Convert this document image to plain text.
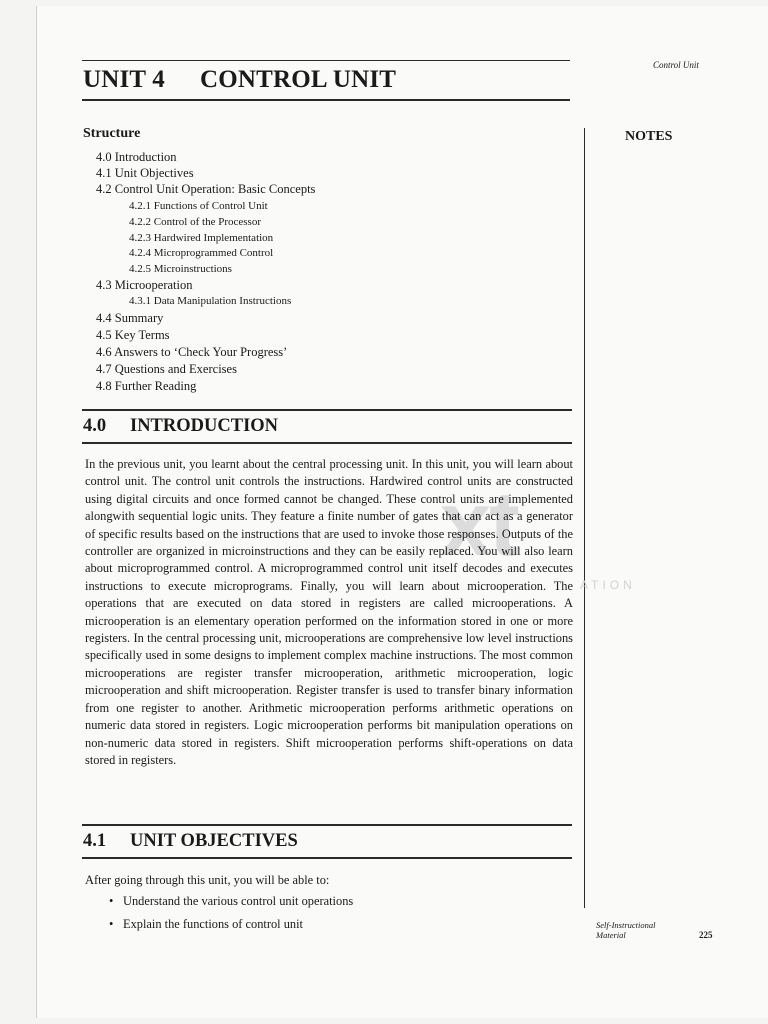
Control Unit
UNIT 4 CONTROL UNIT
Structure	NOTES
4.0 Introduction
4.1 Unit Objectives
4.2 Control Unit Operation: Basic Concepts
4.2.1 Functions of Control Unit
4.2.2 Control of the Processor
4.2.3 Hardwired Implementation
4.2.4 Microprogrammed Control
4.2.5 Microinstructions
4.3 Microoperation
4.3.1 Data Manipulation Instructions
4.4 Summary
4.5 Key Terms
4.6 Answers to ‘Check Your Progress’
4.7 Questions and Exercises
4.8 Further Reading
xt
ATION
4.0 INTRODUCTION
In the previous unit, you learnt about the central processing unit. In this unit, you will learn about control unit. The control unit controls the instructions. Hardwired control units are constructed using digital circuits and once formed cannot be changed. These control units are implemented alongwith sequential logic units. They feature a finite number of gates that can act as a generator of specific results based on the instructions that are used to invoke those responses. Outputs of the controller are organized in microinstructions and they can be easily replaced. You will also learn about microprogrammed control. A microprogrammed control unit itself decodes and executes instructions to execute microprograms. Finally, you will learn about microoperation. The operations that are executed on data stored in registers are called microoperations. A microoperation is an elementary operation performed on the information stored in one or more registers. In the central processing unit, microoperations are comprehensive low level instructions specifically used in some designs to implement complex machine instructions. The most common microoperations are register transfer microoperation, arithmetic microoperation, logic microoperation and shift microoperation. Register transfer is used to transfer binary information from one register to another. Arithmetic microoperation performs arithmetic operations on numeric data stored in registers. Logic microoperation performs bit manipulation operations on non-numeric data stored in registers. Shift microoperation performs shift-operations on data stored in registers.
4.1 UNIT OBJECTIVES
After going through this unit, you will be able to:
• Understand the various control unit operations
• Explain the functions of control unit	Self-Instructional
Material	225
